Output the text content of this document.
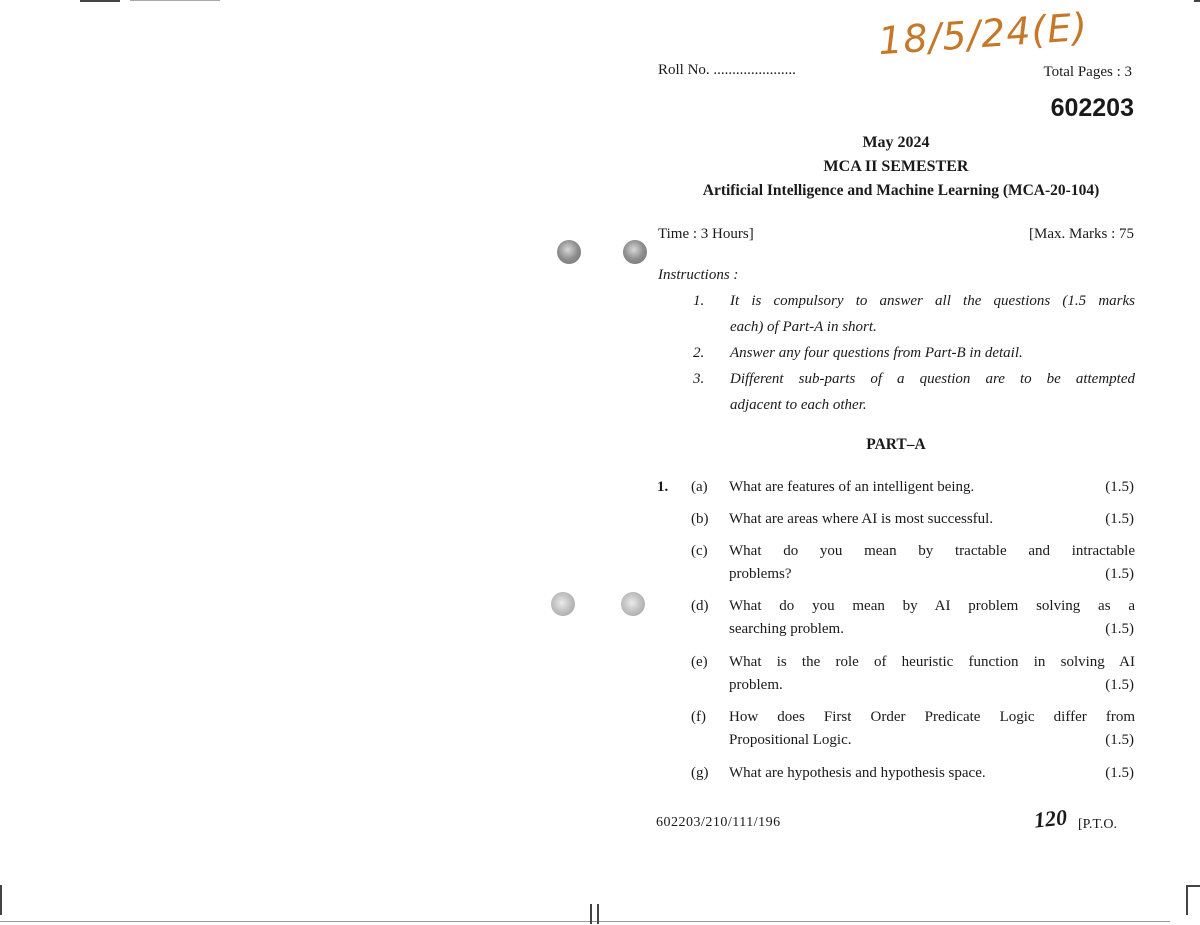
18/5/24(E)
Roll No. ......................	Total Pages : 3
602203
May 2024
MCA II SEMESTER
Artificial Intelligence and Machine Learning (MCA-20-104)
Time : 3 Hours]	[Max. Marks : 75
Instructions :
1. It is compulsory to answer all the questions (1.5 marks
each) of Part-A in short.
2. Answer any four questions from Part-B in detail.
3. Different sub-parts of a question are to be attempted
adjacent to each other.
PART–A
1. (a) What are features of an intelligent being.	(1.5)
(b) What are areas where AI is most successful.	(1.5)
(c) What do you mean by tractable and intractable
problems?	(1.5)
(d) What do you mean by AI problem solving as a
searching problem.	(1.5)
(e) What is the role of heuristic function in solving AI
problem.	(1.5)
(f) How does First Order Predicate Logic differ from
Propositional Logic.	(1.5)
(g) What are hypothesis and hypothesis space.	(1.5)
602203/210/111/196	120 [P.T.O.
